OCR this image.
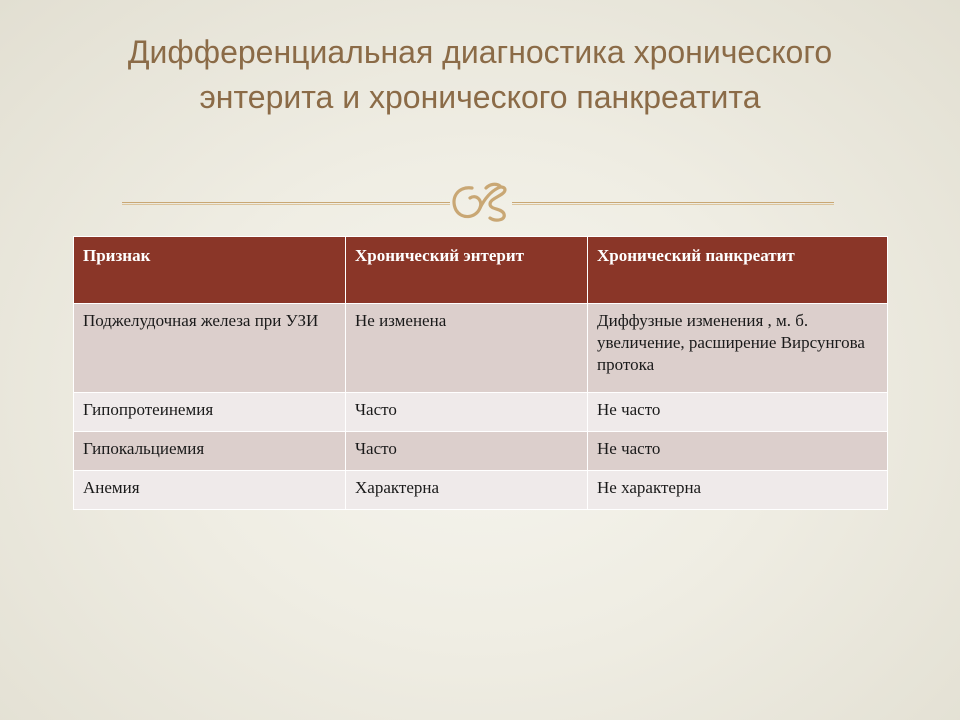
Дифференциальная диагностика хронического
энтерита и хронического панкреатита
Признак	Хронический энтерит	Хронический панкреатит
Поджелудочная железа при УЗИ	Не изменена	Диффузные изменения , м. б. увеличение, расширение Вирсунгова протока
Гипопротеинемия	Часто	Не часто
Гипокальциемия	Часто	Не часто
Анемия	Характерна	Не характерна
